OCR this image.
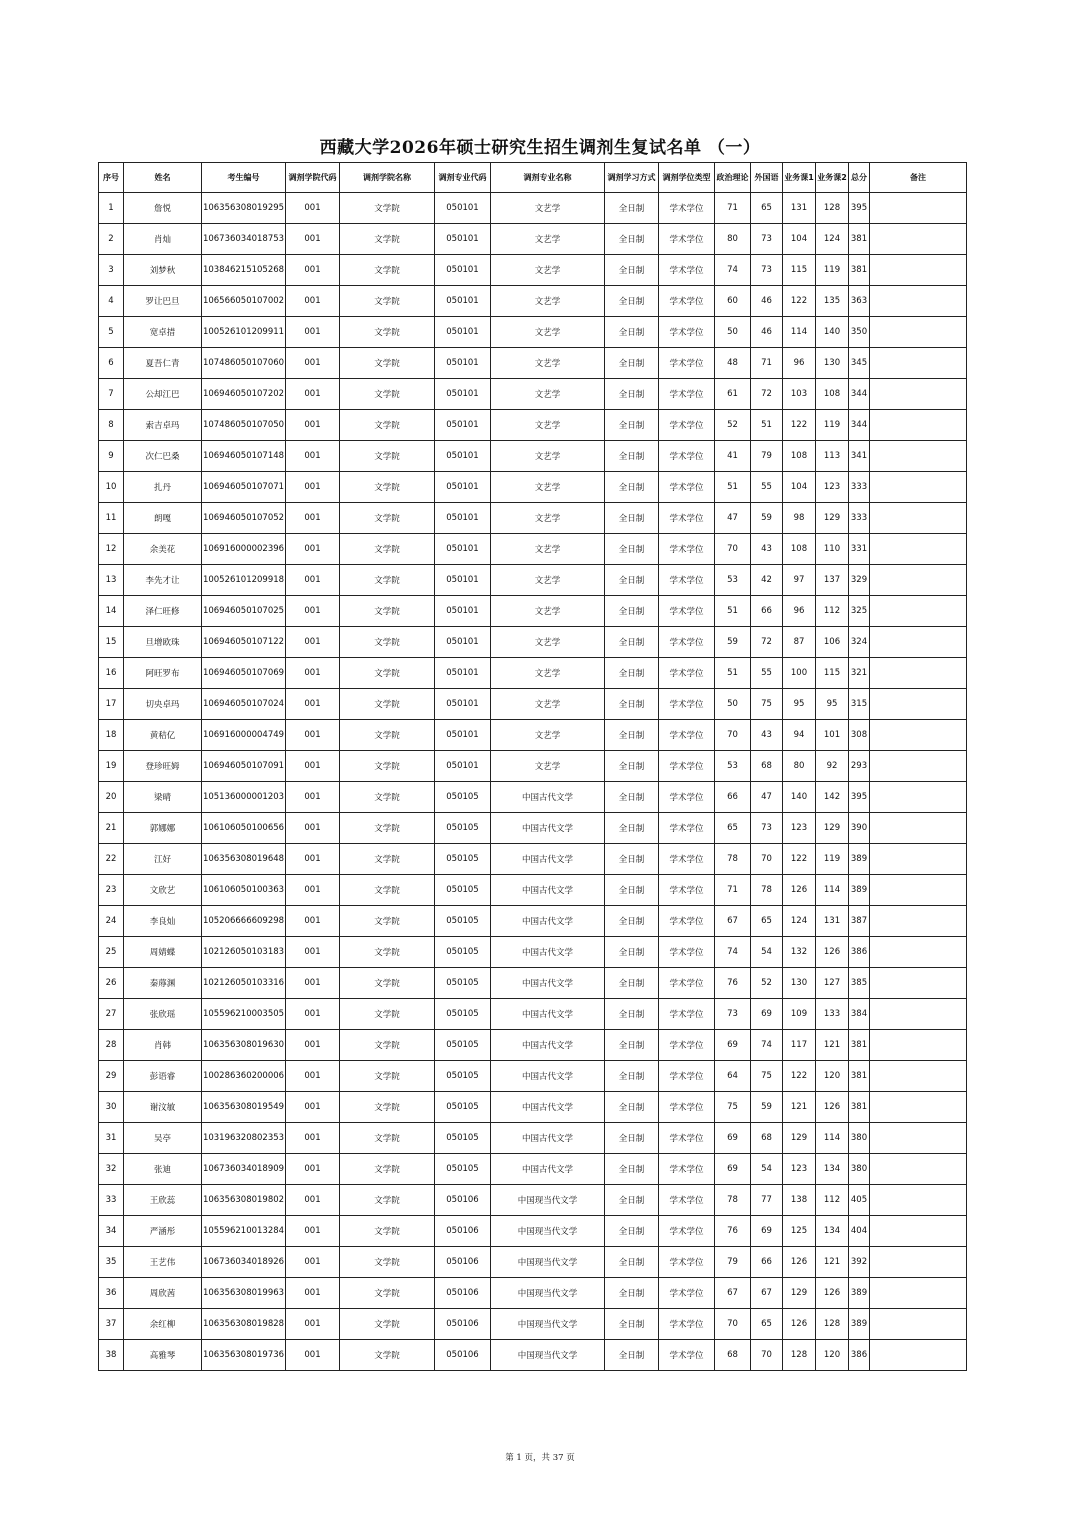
西藏大学2026年硕士研究生招生调剂生复试名单 （一）
序号	姓名	考生编号	调剂学院代码	调剂学院名称	调剂专业代码	调剂专业名称	调剂学习方式	调剂学位类型	政治理论	外国语	业务课1	业务课2	总分	备注
1	詹悦	106356308019295	001	文学院	050101	文艺学	全日制	学术学位	71	65	131	128	395	
2	肖灿	106736034018753	001	文学院	050101	文艺学	全日制	学术学位	80	73	104	124	381	
3	刘梦秋	103846215105268	001	文学院	050101	文艺学	全日制	学术学位	74	73	115	119	381	
4	罗让巴旦	106566050107002	001	文学院	050101	文艺学	全日制	学术学位	60	46	122	135	363	
5	宽卓措	100526101209911	001	文学院	050101	文艺学	全日制	学术学位	50	46	114	140	350	
6	夏吾仁青	107486050107060	001	文学院	050101	文艺学	全日制	学术学位	48	71	96	130	345	
7	公却江巴	106946050107202	001	文学院	050101	文艺学	全日制	学术学位	61	72	103	108	344	
8	索吉卓玛	107486050107050	001	文学院	050101	文艺学	全日制	学术学位	52	51	122	119	344	
9	次仁巴桑	106946050107148	001	文学院	050101	文艺学	全日制	学术学位	41	79	108	113	341	
10	扎丹	106946050107071	001	文学院	050101	文艺学	全日制	学术学位	51	55	104	123	333	
11	朗嘎	106946050107052	001	文学院	050101	文艺学	全日制	学术学位	47	59	98	129	333	
12	余美花	106916000002396	001	文学院	050101	文艺学	全日制	学术学位	70	43	108	110	331	
13	李先才让	100526101209918	001	文学院	050101	文艺学	全日制	学术学位	53	42	97	137	329	
14	泽仁旺修	106946050107025	001	文学院	050101	文艺学	全日制	学术学位	51	66	96	112	325	
15	旦增欧珠	106946050107122	001	文学院	050101	文艺学	全日制	学术学位	59	72	87	106	324	
16	阿旺罗布	106946050107069	001	文学院	050101	文艺学	全日制	学术学位	51	55	100	115	321	
17	切央卓玛	106946050107024	001	文学院	050101	文艺学	全日制	学术学位	50	75	95	95	315	
18	黄秸亿	106916000004749	001	文学院	050101	文艺学	全日制	学术学位	70	43	94	101	308	
19	登珍旺姆	106946050107091	001	文学院	050101	文艺学	全日制	学术学位	53	68	80	92	293	
20	梁晴	105136000001203	001	文学院	050105	中国古代文学	全日制	学术学位	66	47	140	142	395	
21	郭娜娜	106106050100656	001	文学院	050105	中国古代文学	全日制	学术学位	65	73	123	129	390	
22	江好	106356308019648	001	文学院	050105	中国古代文学	全日制	学术学位	78	70	122	119	389	
23	文欣艺	106106050100363	001	文学院	050105	中国古代文学	全日制	学术学位	71	78	126	114	389	
24	李良灿	105206666609298	001	文学院	050105	中国古代文学	全日制	学术学位	67	65	124	131	387	
25	周婧蝶	102126050103183	001	文学院	050105	中国古代文学	全日制	学术学位	74	54	132	126	386	
26	秦蓐渊	102126050103316	001	文学院	050105	中国古代文学	全日制	学术学位	76	52	130	127	385	
27	张欣瑶	105596210003505	001	文学院	050105	中国古代文学	全日制	学术学位	73	69	109	133	384	
28	肖韩	106356308019630	001	文学院	050105	中国古代文学	全日制	学术学位	69	74	117	121	381	
29	彭语睿	100286360200006	001	文学院	050105	中国古代文学	全日制	学术学位	64	75	122	120	381	
30	谢汶敏	106356308019549	001	文学院	050105	中国古代文学	全日制	学术学位	75	59	121	126	381	
31	吴亭	103196320802353	001	文学院	050105	中国古代文学	全日制	学术学位	69	68	129	114	380	
32	张迪	106736034018909	001	文学院	050105	中国古代文学	全日制	学术学位	69	54	123	134	380	
33	王欣蕊	106356308019802	001	文学院	050106	中国现当代文学	全日制	学术学位	78	77	138	112	405	
34	严涵彤	105596210013284	001	文学院	050106	中国现当代文学	全日制	学术学位	76	69	125	134	404	
35	王艺伟	106736034018926	001	文学院	050106	中国现当代文学	全日制	学术学位	79	66	126	121	392	
36	周欣茜	106356308019963	001	文学院	050106	中国现当代文学	全日制	学术学位	67	67	129	126	389	
37	余红柳	106356308019828	001	文学院	050106	中国现当代文学	全日制	学术学位	70	65	126	128	389	
38	高雅琴	106356308019736	001	文学院	050106	中国现当代文学	全日制	学术学位	68	70	128	120	386	
第 1 页，共 37 页
